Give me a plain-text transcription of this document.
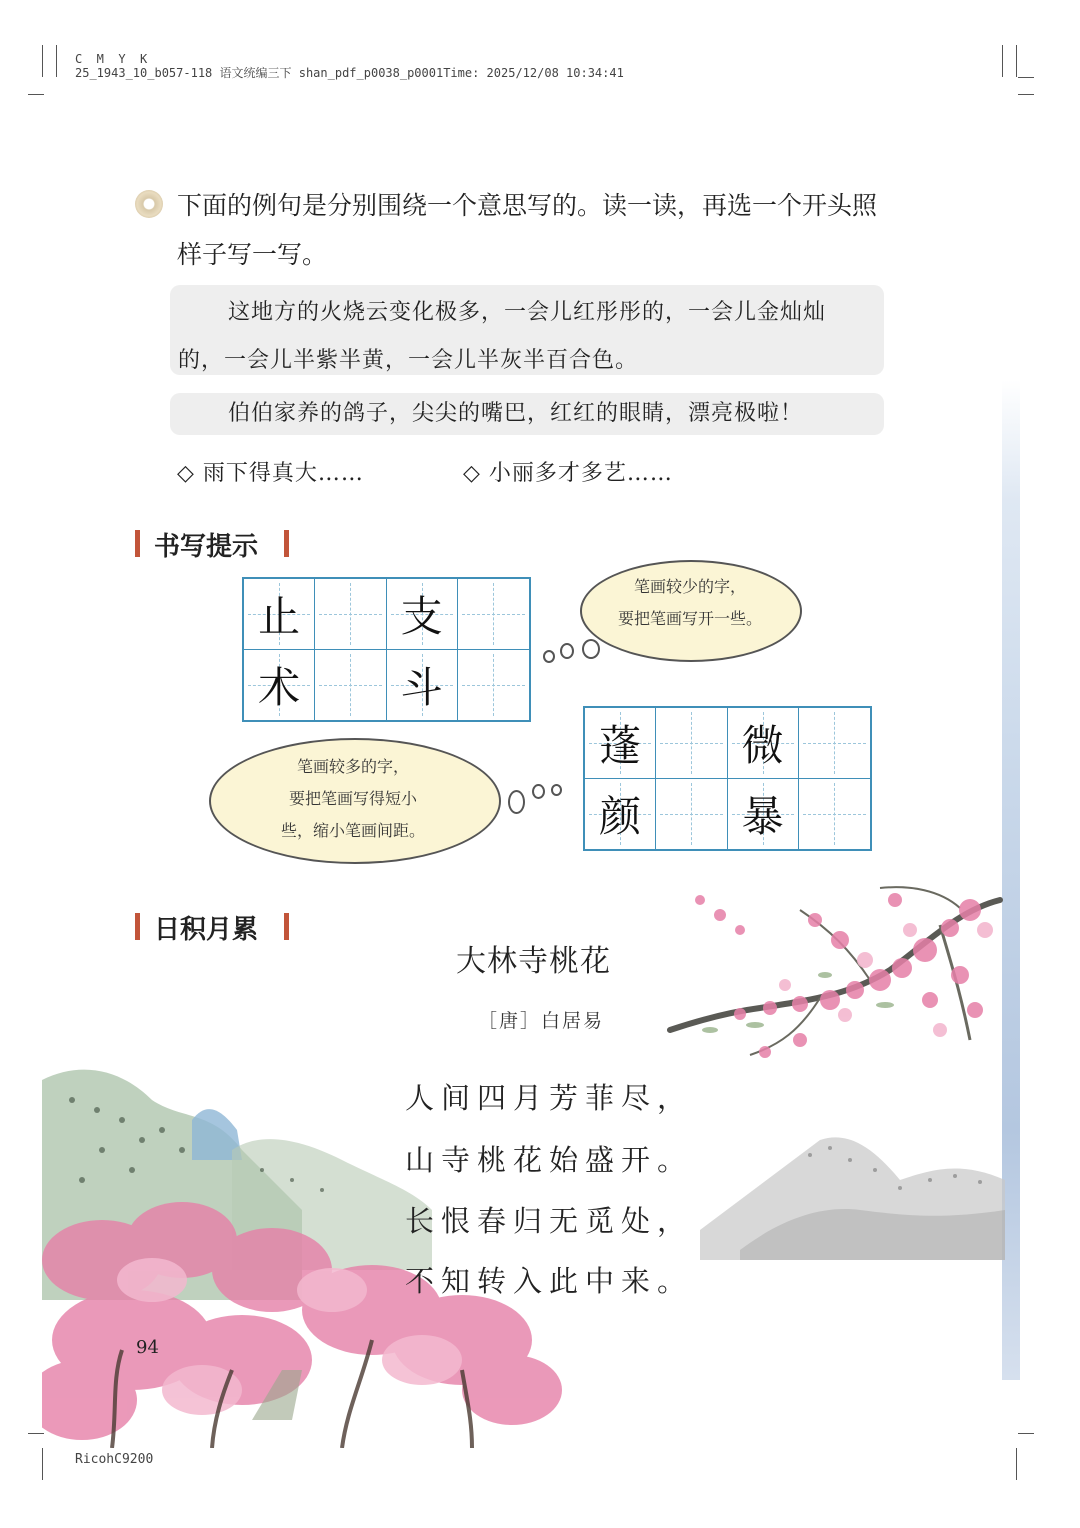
C  M  Y  K
25_1943_10_b057-118 语文统编三下 shan_pdf_p0038_p0001Time: 2025/12/08 10:34:41
RicohC9200
下面的例句是分别围绕一个意思写的。读一读，再选一个开头照样子写一写。
这地方的火烧云变化极多，一会儿红彤彤的，一会儿金灿灿的，一会儿半紫半黄，一会儿半灰半百合色。
伯伯家养的鸽子，尖尖的嘴巴，红红的眼睛，漂亮极啦！
◇ 雨下得真大……	◇ 小丽多才多艺……
书写提示
止 支
术 斗
笔画较少的字，
要把笔画写开一些。
蓬 微
颜 暴
笔画较多的字，
要把笔画写得短小
些，缩小笔画间距。
日积月累
大林寺桃花
［唐］白居易
人间四月芳菲尽，
山寺桃花始盛开。
长恨春归无觅处，
不知转入此中来。
94
